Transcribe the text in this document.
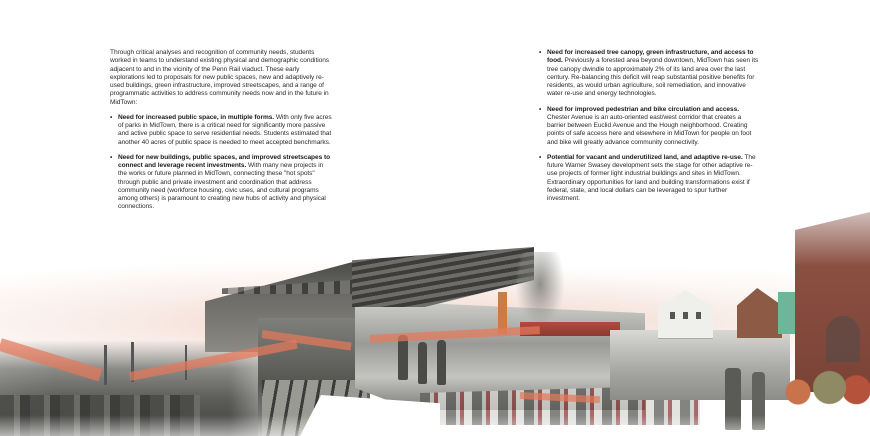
Through critical analyses and recognition of community needs, students worked in teams to understand existing physical and demographic conditions adjacent to and in the vicinity of the Penn Rail viaduct. These early explorations led to proposals for new public spaces, new and adaptively re-used buildings, green infrastructure, improved streetscapes, and a range of programmatic activities to address community needs now and in the future in MidTown:

• Need for increased public space, in multiple forms. With only five acres of parks in MidTown, there is a critical need for significantly more passive and active public space to serve residential needs. Students estimated that another 40 acres of public space is needed to meet accepted benchmarks.
• Need for new buildings, public spaces, and improved streetscapes to connect and leverage recent investments. With many new projects in the works or future planned in MidTown, connecting these "hot spots" through public and private investment and coordination that address community need (workforce housing, civic uses, and cultural programs among others) is paramount to creating new hubs of activity and physical connections.
• Need for increased tree canopy, green infrastructure, and access to food. Previously a forested area beyond downtown, MidTown has seen its tree canopy dwindle to approximately 2% of its land area over the last century. Re-balancing this deficit will reap substantial positive benefits for residents, as would urban agriculture, soil remediation, and innovative water re-use and energy technologies.
• Need for improved pedestrian and bike circulation and access. Chester Avenue is an auto-oriented east/west corridor that creates a barrier between Euclid Avenue and the Hough neighborhood. Creating points of safe access here and elsewhere in MidTown for people on foot and bike will greatly advance community connectivity.
• Potential for vacant and underutilized land, and adaptive re-use. The future Warner Swasey development sets the stage for other adaptive re-use projects of former light industrial buildings and sites in MidTown. Extraordinary opportunities for land and building transformations exist if federal, state, and local dollars can be leveraged to spur further investment.
